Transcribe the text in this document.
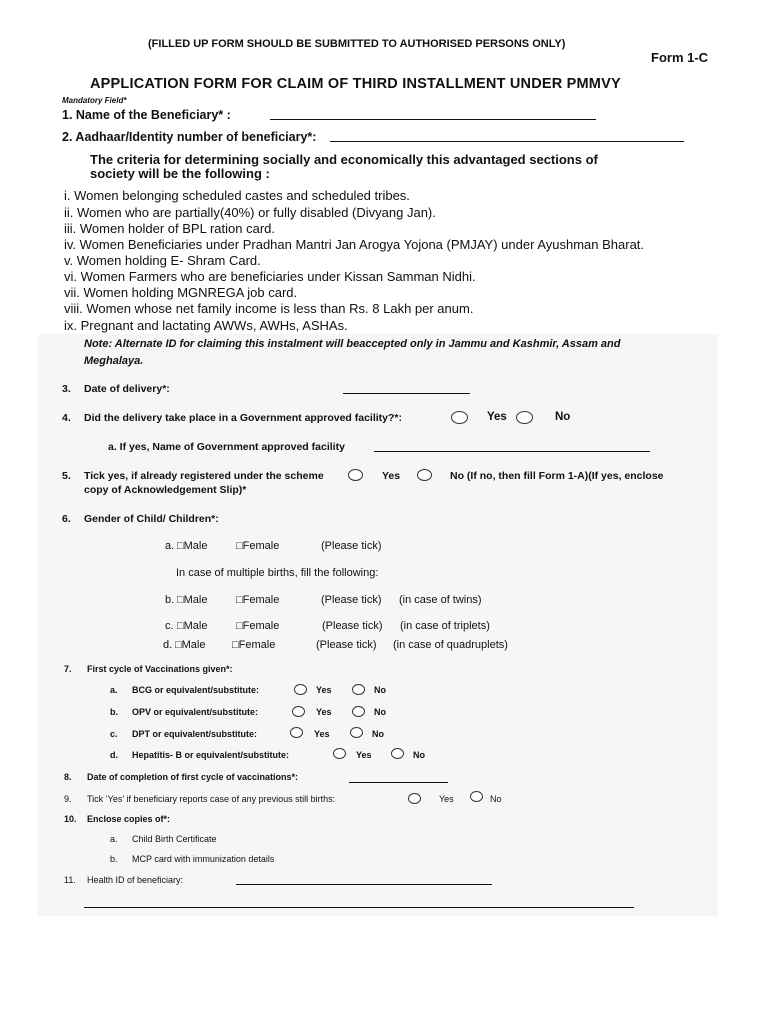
(FILLED UP FORM SHOULD BE SUBMITTED TO AUTHORISED PERSONS ONLY)
Form 1-C
APPLICATION FORM FOR CLAIM OF THIRD INSTALLMENT UNDER PMMVY
Mandatory Field*
1. Name of the Beneficiary* :
2. Aadhaar/Identity number of beneficiary*:
The criteria for determining socially and economically this advantaged sections of
society will be the following :
i. Women belonging scheduled castes and scheduled tribes.
ii. Women who are partially(40%) or fully disabled (Divyang Jan).
iii. Women holder of BPL ration card.
iv. Women Beneficiaries under Pradhan Mantri Jan Arogya Yojona (PMJAY) under Ayushman Bharat.
v. Women holding E- Shram Card.
vi. Women Farmers who are beneficiaries under Kissan Samman Nidhi.
vii. Women holding MGNREGA job card.
viii. Women whose net family income is less than Rs. 8 Lakh per anum.
ix. Pregnant and lactating AWWs, AWHs, ASHAs.
Note: Alternate ID for claiming this instalment will beaccepted only in Jammu and Kashmir, Assam and
Meghalaya.
3. Date of delivery*:
4. Did the delivery take place in a Government approved facility?*:	Yes	No
a. If yes, Name of Government approved facility
5. Tick yes, if already registered under the scheme	Yes	No (If no, then fill Form 1-A)(If yes, enclose
copy of Acknowledgement Slip)*
6. Gender of Child/ Children*:
a. □Male	□Female	(Please tick)
In case of multiple births, fill the following:
b. □Male	□Female	(Please tick) (in case of twins)
c. □Male	□Female	(Please tick) (in case of triplets)
d. □Male □Female	(Please tick) (in case of quadruplets)
7. First cycle of Vaccinations given*:
a. BCG or equivalent/substitute:	Yes	No
b. OPV or equivalent/substitute:	Yes	No
c. DPT or equivalent/substitute:	Yes	No
d. Hepatitis- B or equivalent/substitute:	Yes	No
8. Date of completion of first cycle of vaccinations*:
9. Tick ‘Yes’ if beneficiary reports case of any previous still births:	Yes	No
10. Enclose copies of*:
a. Child Birth Certificate
b. MCP card with immunization details
11. Health ID of beneficiary:
